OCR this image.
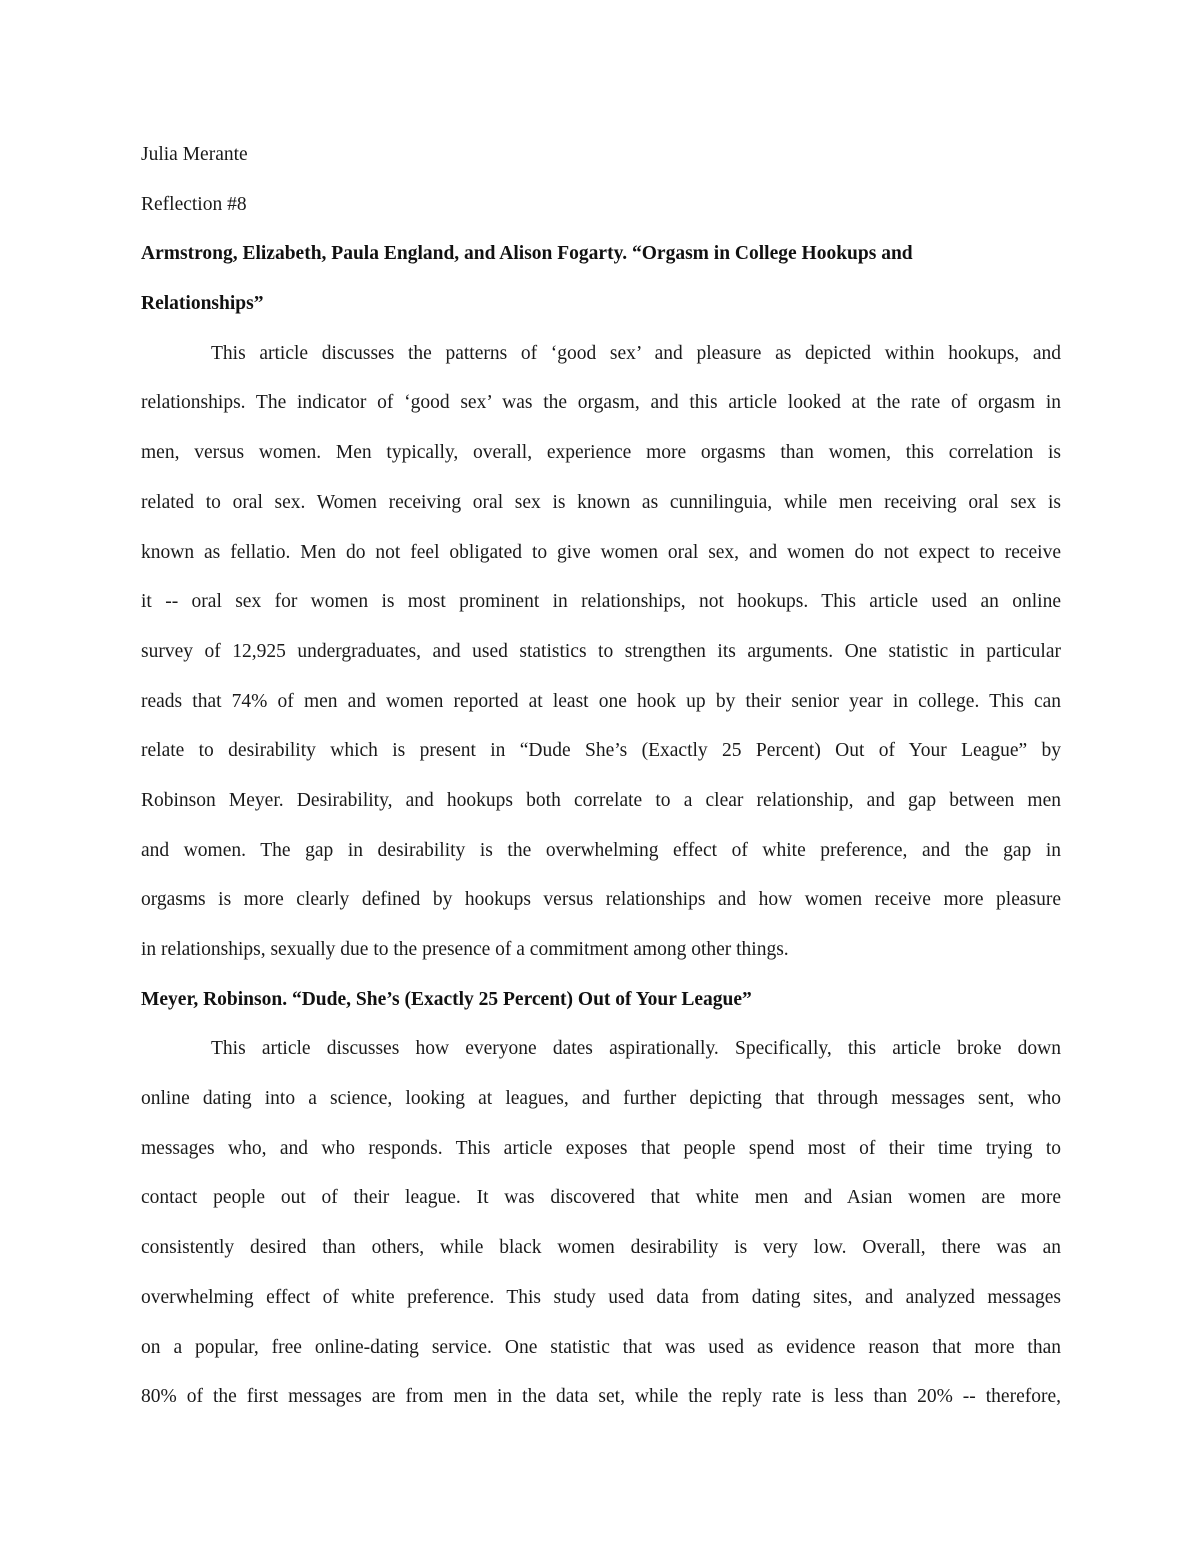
Julia Merante
Reflection #8
Armstrong, Elizabeth, Paula England, and Alison Fogarty. “Orgasm in College Hookups and
Relationships”
This article discusses the patterns of ‘good sex’ and pleasure as depicted within hookups, and
relationships. The indicator of ‘good sex’ was the orgasm, and this article looked at the rate of orgasm in
men, versus women. Men typically, overall, experience more orgasms than women, this correlation is
related to oral sex. Women receiving oral sex is known as cunnilinguia, while men receiving oral sex is
known as fellatio. Men do not feel obligated to give women oral sex, and women do not expect to receive
it -- oral sex for women is most prominent in relationships, not hookups. This article used an online
survey of 12,925 undergraduates, and used statistics to strengthen its arguments. One statistic in particular
reads that 74% of men and women reported at least one hook up by their senior year in college. This can
relate to desirability which is present in “Dude She’s (Exactly 25 Percent) Out of Your League” by
Robinson Meyer. Desirability, and hookups both correlate to a clear relationship, and gap between men
and women. The gap in desirability is the overwhelming effect of white preference, and the gap in
orgasms is more clearly defined by hookups versus relationships and how women receive more pleasure
in relationships, sexually due to the presence of a commitment among other things.
Meyer, Robinson. “Dude, She’s (Exactly 25 Percent) Out of Your League”
This article discusses how everyone dates aspirationally. Specifically, this article broke down
online dating into a science, looking at leagues, and further depicting that through messages sent, who
messages who, and who responds. This article exposes that people spend most of their time trying to
contact people out of their league. It was discovered that white men and Asian women are more
consistently desired than others, while black women desirability is very low. Overall, there was an
overwhelming effect of white preference. This study used data from dating sites, and analyzed messages
on a popular, free online-dating service. One statistic that was used as evidence reason that more than
80% of the first messages are from men in the data set, while the reply rate is less than 20% -- therefore,
